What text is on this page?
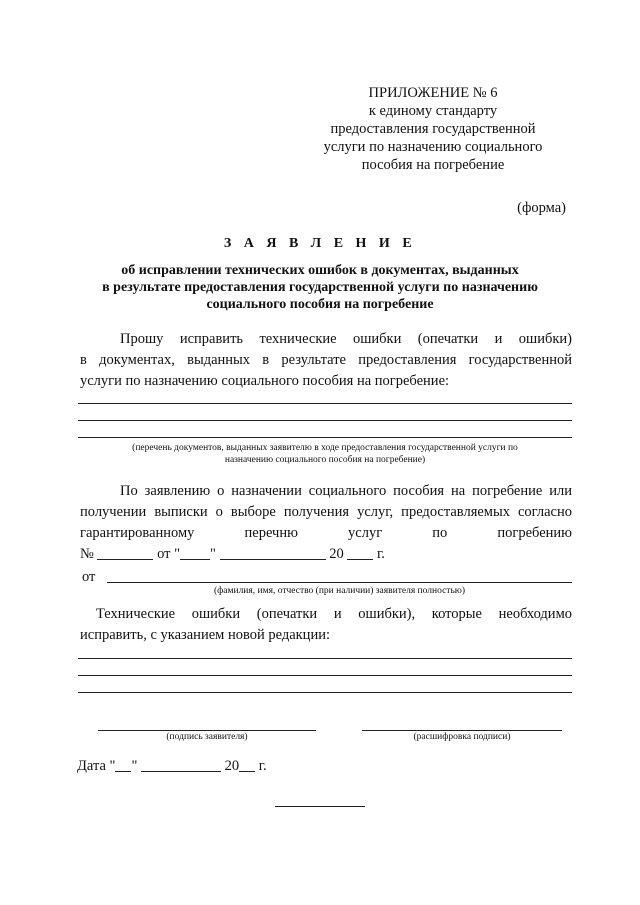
ПРИЛОЖЕНИЕ № 6
к единому стандарту
предоставления государственной
услуги по назначению социального
пособия на погребение
(форма)
З А Я В Л Е Н И Е
об исправлении технических ошибок в документах, выданных
в результате предоставления государственной услуги по назначению
социального пособия на погребение
Прошу исправить технические ошибки (опечатки и ошибки)
в документах, выданных в результате предоставления государственной
услуги по назначению социального пособия на погребение:
(перечень документов, выданных заявителю в ходе предоставления государственной услуги по
назначению социального пособия на погребение)
По заявлению о назначении социального пособия на погребение или
получении выписки о выборе получения услуг, предоставляемых согласно
гарантированному перечню услуг по погребению
№	от " "	20 г.
от
(фамилия, имя, отчество (при наличии) заявителя полностью)
Технические ошибки (опечатки и ошибки), которые необходимо
исправить, с указанием новой редакции:
(подпись заявителя)	(расшифровка подписи)
Дата " "	20 г.
